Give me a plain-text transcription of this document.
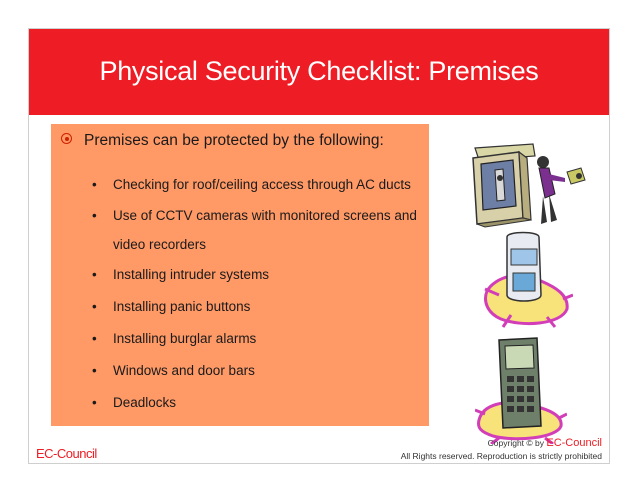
Physical Security Checklist: Premises
Premises can be protected by the following:
• Checking for roof/ceiling access through AC ducts
• Use of CCTV cameras with monitored screens and video recorders
• Installing intruder systems
• Installing panic buttons
• Installing burglar alarms
• Windows and door bars
• Deadlocks
EC-Council
Copyright © by EC-Council
All Rights reserved. Reproduction is strictly prohibited
